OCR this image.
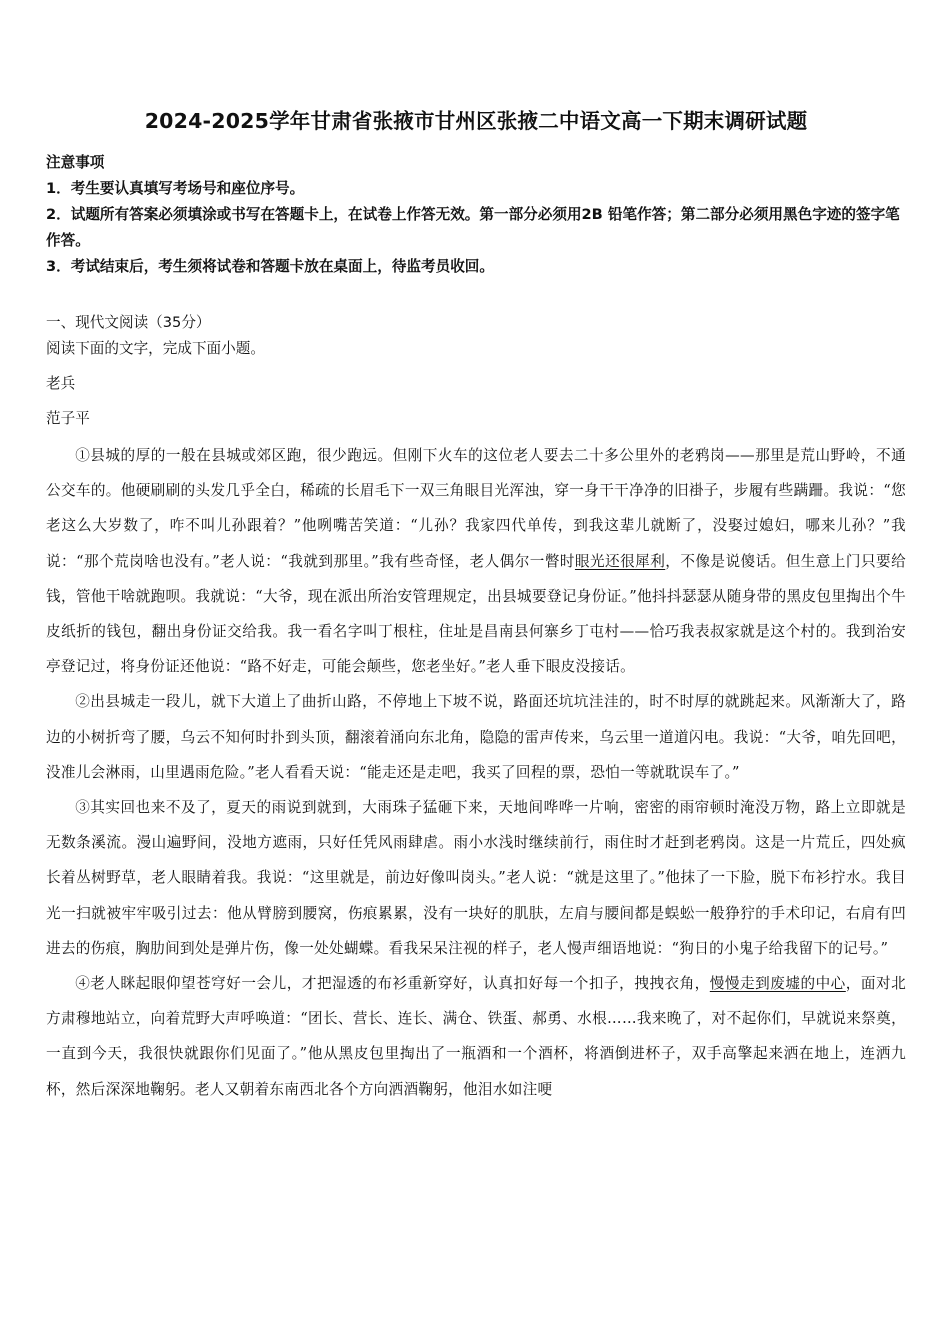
2024-2025学年甘肃省张掖市甘州区张掖二中语文高一下期末调研试题

注意事项

1．考生要认真填写考场号和座位序号。

2．试题所有答案必须填涂或书写在答题卡上，在试卷上作答无效。第一部分必须用2B 铅笔作答；第二部分必须用黑色字迹的签字笔作答。

3．考试结束后，考生须将试卷和答题卡放在桌面上，待监考员收回。

一、现代文阅读（35分）

阅读下面的文字，完成下面小题。

老兵

范子平

①县城的厚的一般在县城或郊区跑，很少跑远。但刚下火车的这位老人要去二十多公里外的老鸦岗——那里是荒山野岭，不通公交车的。他硬刷刷的头发几乎全白，稀疏的长眉毛下一双三角眼目光浑浊，穿一身干干净净的旧褂子，步履有些蹒跚。我说：“您老这么大岁数了，咋不叫儿孙跟着？”他咧嘴苦笑道：“儿孙？我家四代单传，到我这辈儿就断了，没娶过媳妇，哪来儿孙？”我说：“那个荒岗啥也没有。”老人说：“我就到那里。”我有些奇怪，老人偶尔一瞥时眼光还很犀利，不像是说傻话。但生意上门只要给钱，管他干啥就跑呗。我就说：“大爷，现在派出所治安管理规定，出县城要登记身份证。”他抖抖瑟瑟从随身带的黑皮包里掏出个牛皮纸折的钱包，翻出身份证交给我。我一看名字叫丁根柱，住址是昌南县何寨乡丁屯村——恰巧我表叔家就是这个村的。我到治安亭登记过，将身份证还他说：“路不好走，可能会颠些，您老坐好。”老人垂下眼皮没接话。

②出县城走一段儿，就下大道上了曲折山路，不停地上下坡不说，路面还坑坑洼洼的，时不时厚的就跳起来。风渐渐大了，路边的小树折弯了腰，乌云不知何时扑到头顶，翻滚着涌向东北角，隐隐的雷声传来，乌云里一道道闪电。我说：“大爷，咱先回吧，没准儿会淋雨，山里遇雨危险。”老人看看天说：“能走还是走吧，我买了回程的票，恐怕一等就耽误车了。”

③其实回也来不及了，夏天的雨说到就到，大雨珠子猛砸下来，天地间哗哗一片响，密密的雨帘顿时淹没万物，路上立即就是无数条溪流。漫山遍野间，没地方遮雨，只好任凭风雨肆虐。雨小水浅时继续前行，雨住时才赶到老鸦岗。这是一片荒丘，四处疯长着丛树野草，老人眼睛着我。我说：“这里就是，前边好像叫岗头。”老人说：“就是这里了。”他抹了一下脸，脱下布衫拧水。我目光一扫就被牢牢吸引过去：他从臂膀到腰窝，伤痕累累，没有一块好的肌肤，左肩与腰间都是蜈蚣一般狰狞的手术印记，右肩有凹进去的伤痕，胸肋间到处是弹片伤，像一处处蝴蝶。看我呆呆注视的样子，老人慢声细语地说：“狗日的小鬼子给我留下的记号。”

④老人眯起眼仰望苍穹好一会儿，才把湿透的布衫重新穿好，认真扣好每一个扣子，拽拽衣角，慢慢走到废墟的中心，面对北方肃穆地站立，向着荒野大声呼唤道：“团长、营长、连长、满仓、铁蛋、郝勇、水根……我来晚了，对不起你们，早就说来祭奠，一直到今天，我很快就跟你们见面了。”他从黑皮包里掏出了一瓶酒和一个酒杯，将酒倒进杯子，双手高擎起来洒在地上，连洒九杯，然后深深地鞠躬。老人又朝着东南西北各个方向洒酒鞠躬，他泪水如注哽
